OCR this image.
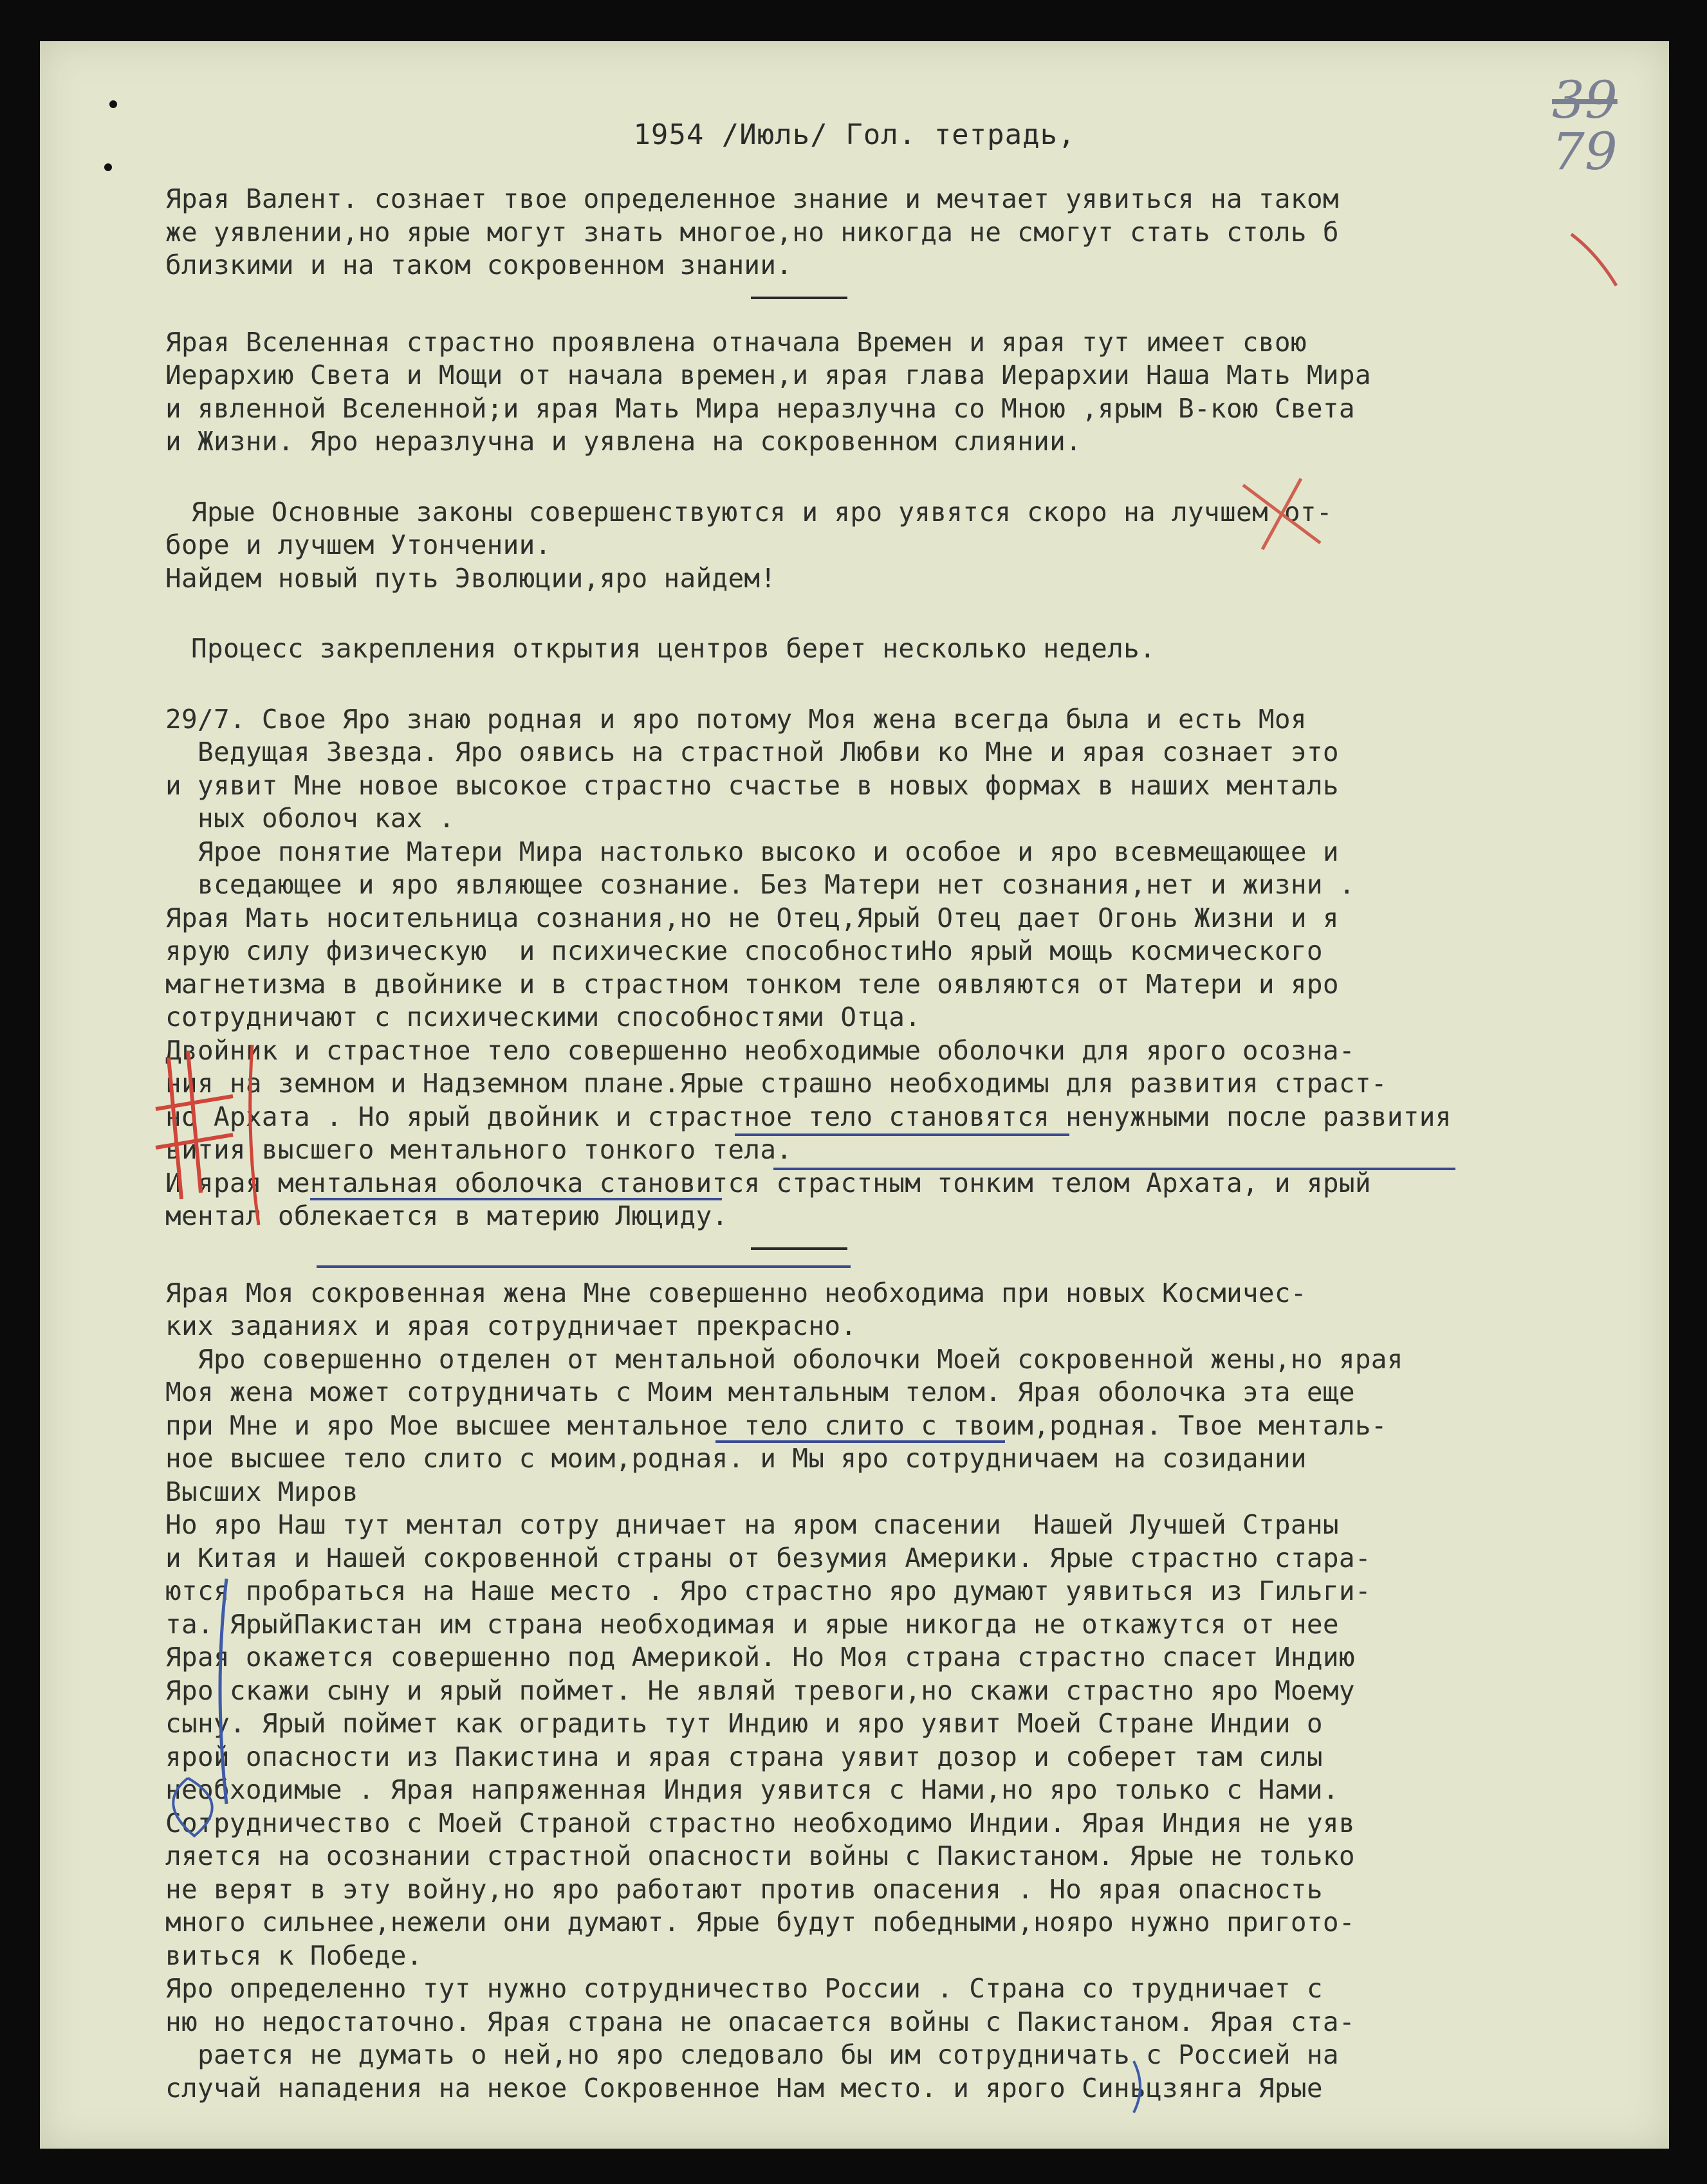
39
79
1954 /Июль/ Гол. тетрадь,
Ярая Валент. сознает твое определенное знание и мечтает уявиться на таком
же уявлении,но ярые могут знать многое,но никогда не смогут стать столь б
близкими и на таком сокровенном знании.
Ярая Вселенная страстно проявлена отначала Времен и ярая тут имеет свою
Иерархию Света и Мощи от начала времен,и ярая глава Иерархии Наша Мать Мира
и явленной Вселенной;и ярая Мать Мира неразлучна со Мною ,ярым В-кою Света
и Жизни. Яро неразлучна и уявлена на сокровенном слиянии.
Ярые Основные законы совершенствуются и яро уявятся скоро на лучшем от-
боре и лучшем Утончении.
Найдем новый путь Эволюции,яро найдем!
Процесс закрепления открытия центров берет несколько недель.
29/7. Свое Яро знаю родная и яро потому Моя жена всегда была и есть Моя
Ведущая Звезда. Яро оявись на страстной Любви ко Мне и ярая сознает это
и уявит Мне новое высокое страстно счастье в новых формах в наших менталь
ных оболоч ках .
Ярое понятие Матери Мира настолько высоко и особое и яро всевмещающее и
вседающее и яро являющее сознание. Без Матери нет сознания,нет и жизни .
Ярая Мать носительница сознания,но не Отец,Ярый Отец дает Огонь Жизни и я
ярую силу физическую  и психические способностиНо ярый мощь космического
магнетизма в двойнике и в страстном тонком теле оявляются от Матери и яро
сотрудничают с психическими способностями Отца.
Двойник и страстное тело совершенно необходимые оболочки для ярого осозна-
ния на земном и Надземном плане.Ярые страшно необходимы для развития страст-
но Архата . Но ярый двойник и страстное тело становятся ненужными после развития
вития высшего ментального тонкого тела.
И ярая ментальная оболочка становится страстным тонким телом Архата, и ярый
ментал облекается в материю Люциду.
Ярая Моя сокровенная жена Мне совершенно необходима при новых Космичес-
ких заданиях и ярая сотрудничает прекрасно.
Яро совершенно отделен от ментальной оболочки Моей сокровенной жены,но ярая
Моя жена может сотрудничать с Моим ментальным телом. Ярая оболочка эта еще
при Мне и яро Мое высшее ментальное тело слито с твоим,родная. Твое менталь-
ное высшее тело слито с моим,родная. и Мы яро сотрудничаем на созидании
Высших Миров
Но яро Наш тут ментал сотру дничает на яром спасении  Нашей Лучшей Страны
и Китая и Нашей сокровенной страны от безумия Америки. Ярые страстно стара-
ются пробраться на Наше место . Яро страстно яро думают уявиться из Гильги-
та. ЯрыйПакистан им страна необходимая и ярые никогда не откажутся от нее
Ярая окажется совершенно под Америкой. Но Моя страна страстно спасет Индию
Яро скажи сыну и ярый поймет. Не являй тревоги,но скажи страстно яро Моему
сыну. Ярый поймет как оградить тут Индию и яро уявит Моей Стране Индии о
ярой опасности из Пакистина и ярая страна уявит дозор и соберет там силы
необходимые . Ярая напряженная Индия уявится с Нами,но яро только с Нами.
Сотрудничество с Моей Страной страстно необходимо Индии. Ярая Индия не уяв
ляется на осознании страстной опасности войны с Пакистаном. Ярые не только
не верят в эту войну,но яро работают против опасения . Но ярая опасность
много сильнее,нежели они думают. Ярые будут победными,ноярo нужно пригото-
виться к Победе.
Яро определенно тут нужно сотрудничество России . Страна со трудничает с
ню но недостаточно. Ярая страна не опасается войны с Пакистаном. Ярая ста-
рается не думать о ней,но яро следовало бы им сотрудничать с Россией на
случай нападения на некое Сокровенное Нам место. и ярого Синьцзянга Ярые
